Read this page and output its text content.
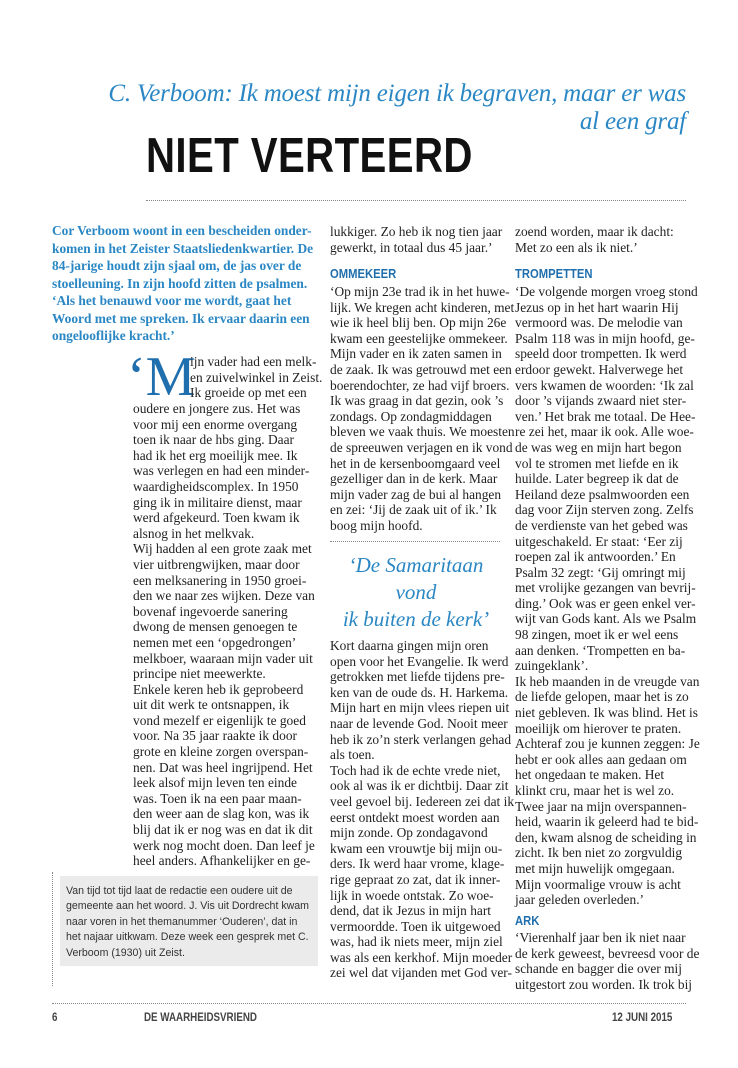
C. Verboom: Ik moest mijn eigen ik begraven, maar er was al een graf
NIET VERTEERD
Cor Verboom woont in een bescheiden onder-
komen in het Zeister Staatsliedenkwartier. De
84-jarige houdt zijn sjaal om, de jas over de
stoelleuning. In zijn hoofd zitten de psalmen.
‘Als het benauwd voor me wordt, gaat het
Woord met me spreken. Ik ervaar daarin een
ongelooflijke kracht.’
‘M
ijn vader had een melk-
en zuivelwinkel in Zeist.
Ik groeide op met een
oudere en jongere zus. Het was
voor mij een enorme overgang
toen ik naar de hbs ging. Daar
had ik het erg moeilijk mee. Ik
was verlegen en had een minder-
waardigheidscomplex. In 1950
ging ik in militaire dienst, maar
werd afgekeurd. Toen kwam ik
alsnog in het melkvak.
Wij hadden al een grote zaak met
vier uitbrengwijken, maar door
een melksanering in 1950 groei-
den we naar zes wijken. Deze van
bovenaf ingevoerde sanering
dwong de mensen genoegen te
nemen met een ‘opgedrongen’
melkboer, waaraan mijn vader uit
principe niet meewerkte.
Enkele keren heb ik geprobeerd
uit dit werk te ontsnappen, ik
vond mezelf er eigenlijk te goed
voor. Na 35 jaar raakte ik door
grote en kleine zorgen overspan-
nen. Dat was heel ingrijpend. Het
leek alsof mijn leven ten einde
was. Toen ik na een paar maan-
den weer aan de slag kon, was ik
blij dat ik er nog was en dat ik dit
werk nog mocht doen. Dan leef je
heel anders. Afhankelijker en ge-
Van tijd tot tijd laat de redactie een oudere uit de
gemeente aan het woord. J. Vis uit Dordrecht kwam
naar voren in het themanummer ‘Ouderen’, dat in
het najaar uitkwam. Deze week een gesprek met C.
Verboom (1930) uit Zeist.
lukkiger. Zo heb ik nog tien jaar
gewerkt, in totaal dus 45 jaar.’
OMMEKEER
‘Op mijn 23e trad ik in het huwe-
lijk. We kregen acht kinderen, met
wie ik heel blij ben. Op mijn 26e
kwam een geestelijke ommekeer.
Mijn vader en ik zaten samen in
de zaak. Ik was getrouwd met een
boerendochter, ze had vijf broers.
Ik was graag in dat gezin, ook ’s
zondags. Op zondagmiddagen
bleven we vaak thuis. We moesten
de spreeuwen verjagen en ik vond
het in de kersenboomgaard veel
gezelliger dan in de kerk. Maar
mijn vader zag de bui al hangen
en zei: ‘Jij de zaak uit of ik.’ Ik
boog mijn hoofd.
‘De Samaritaan vond
ik buiten de kerk’
Kort daarna gingen mijn oren
open voor het Evangelie. Ik werd
getrokken met liefde tijdens pre-
ken van de oude ds. H. Harkema.
Mijn hart en mijn vlees riepen uit
naar de levende God. Nooit meer
heb ik zo’n sterk verlangen gehad
als toen.
Toch had ik de echte vrede niet,
ook al was ik er dichtbij. Daar zit
veel gevoel bij. Iedereen zei dat ik
eerst ontdekt moest worden aan
mijn zonde. Op zondagavond
kwam een vrouwtje bij mijn ou-
ders. Ik werd haar vrome, klage-
rige gepraat zo zat, dat ik inner-
lijk in woede ontstak. Zo woe-
dend, dat ik Jezus in mijn hart
vermoordde. Toen ik uitgewoed
was, had ik niets meer, mijn ziel
was als een kerkhof. Mijn moeder
zei wel dat vijanden met God ver-
zoend worden, maar ik dacht:
Met zo een als ik niet.’
TROMPETTEN
‘De volgende morgen vroeg stond
Jezus op in het hart waarin Hij
vermoord was. De melodie van
Psalm 118 was in mijn hoofd, ge-
speeld door trompetten. Ik werd
erdoor gewekt. Halverwege het
vers kwamen de woorden: ‘Ik zal
door ’s vijands zwaard niet ster-
ven.’ Het brak me totaal. De Hee-
re zei het, maar ik ook. Alle woe-
de was weg en mijn hart begon
vol te stromen met liefde en ik
huilde. Later begreep ik dat de
Heiland deze psalmwoorden een
dag voor Zijn sterven zong. Zelfs
de verdienste van het gebed was
uitgeschakeld. Er staat: ‘Eer zij
roepen zal ik antwoorden.’ En
Psalm 32 zegt: ‘Gij omringt mij
met vrolijke gezangen van bevrij-
ding.’ Ook was er geen enkel ver-
wijt van Gods kant. Als we Psalm
98 zingen, moet ik er wel eens
aan denken. ‘Trompetten en ba-
zuingeklank’.
Ik heb maanden in de vreugde van
de liefde gelopen, maar het is zo
niet gebleven. Ik was blind. Het is
moeilijk om hierover te praten.
Achteraf zou je kunnen zeggen: Je
hebt er ook alles aan gedaan om
het ongedaan te maken. Het
klinkt cru, maar het is wel zo.
Twee jaar na mijn overspannen-
heid, waarin ik geleerd had te bid-
den, kwam alsnog de scheiding in
zicht. Ik ben niet zo zorgvuldig
met mijn huwelijk omgegaan.
Mijn voormalige vrouw is acht
jaar geleden overleden.’
ARK
‘Vierenhalf jaar ben ik niet naar
de kerk geweest, bevreesd voor de
schande en bagger die over mij
uitgestort zou worden. Ik trok bij
6	DE WAARHEIDSVRIEND	12 JUNI 2015
